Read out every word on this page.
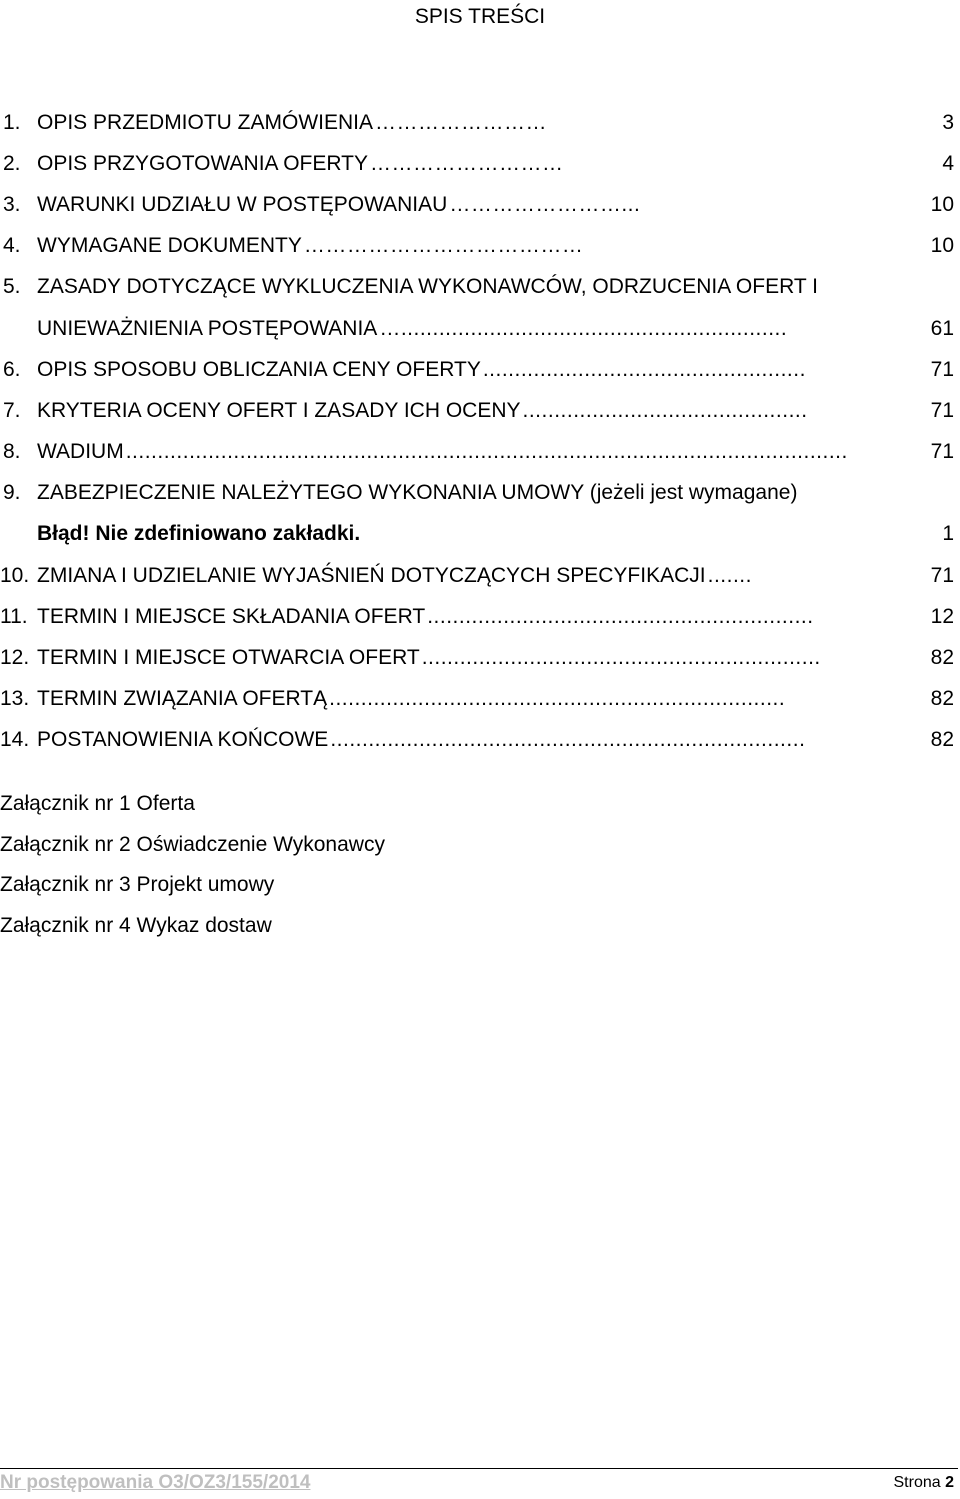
SPIS TREŚCI
1. OPIS PRZEDMIOTU ZAMÓWIENIA ……………………	3
2. OPIS PRZYGOTOWANIA OFERTY ………………………	4
3. WARUNKI UDZIAŁU W POSTĘPOWANIAU ……………………...	10
4. WYMAGANE DOKUMENTY …………………………………	10
5. ZASADY DOTYCZĄCE WYKLUCZENIA WYKONAWCÓW, ODRZUCENIA OFERT I
UNIEWAŻNIENIA POSTĘPOWANIA ….............................................................	61
6. OPIS SPOSOBU OBLICZANIA CENY OFERTY ...................................................	71
7. KRYTERIA OCENY OFERT I ZASADY ICH OCENY .............................................	71
8. WADIUM ..................................................................................................................	71
9. ZABEZPIECZENIE NALEŻYTEGO WYKONANIA UMOWY (jeżeli jest wymagane)
Błąd! Nie zdefiniowano zakładki.	1
10. ZMIANA I UDZIELANIE WYJAŚNIEŃ DOTYCZĄCYCH SPECYFIKACJI .......	71
11. TERMIN I MIEJSCE SKŁADANIA OFERT .............................................................	12
12. TERMIN I MIEJSCE OTWARCIA OFERT ...............................................................	82
13. TERMIN ZWIĄZANIA OFERTĄ ........................................................................	82
14. POSTANOWIENIA KOŃCOWE ...........................................................................	82
Załącznik nr 1 Oferta
Załącznik nr 2 Oświadczenie Wykonawcy
Załącznik nr 3 Projekt umowy
Załącznik nr 4 Wykaz dostaw
Nr postępowania O3/OZ3/155/2014	Strona 2
